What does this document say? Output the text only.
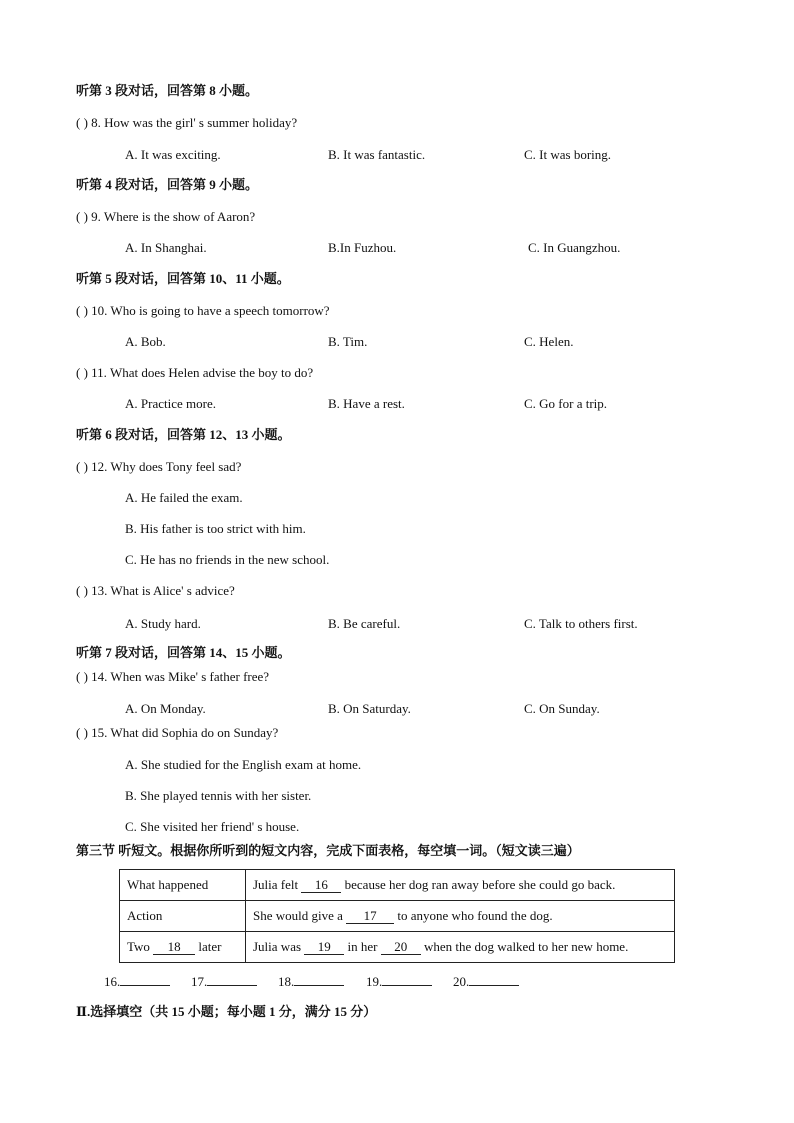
听第 3 段对话，回答第 8 小题。
( ) 8. How was the girl' s summer holiday?
A. It was exciting.	B. It was fantastic.	C. It was boring.
听第 4 段对话，回答第 9 小题。
( ) 9. Where is the show of Aaron?
A. In Shanghai.	B.In Fuzhou.	C. In Guangzhou.
听第 5 段对话，回答第 10、11 小题。
( ) 10. Who is going to have a speech tomorrow?
A. Bob.	B. Tim.	C. Helen.
( ) 11. What does Helen advise the boy to do?
A. Practice more.	B. Have a rest.	C. Go for a trip.
听第 6 段对话，回答第 12、13 小题。
( ) 12. Why does Tony feel sad?
A. He failed the exam.
B. His father is too strict with him.
C. He has no friends in the new school.
( ) 13. What is Alice' s advice?
A. Study hard.	B. Be careful.	C. Talk to others first.
听第 7 段对话，回答第 14、15 小题。
( ) 14. When was Mike' s father free?
A. On Monday.	B. On Saturday.	C. On Sunday.
( ) 15. What did Sophia do on Sunday?
A. She studied for the English exam at home.
B. She played tennis with her sister.
C. She visited her friend' s house.
第三节 听短文。根据你所听到的短文内容，完成下面表格，每空填一词。（短文读三遍）
What happened	Julia felt 16 because her dog ran away before she could go back.
Action	She would give a 17 to anyone who found the dog.
Two 18 later	Julia was 19 in her 20 when the dog walked to her new home.
16.	17.	18.	19.	20.
Ⅱ.选择填空（共 15 小题；每小题 1 分，满分 15 分）
